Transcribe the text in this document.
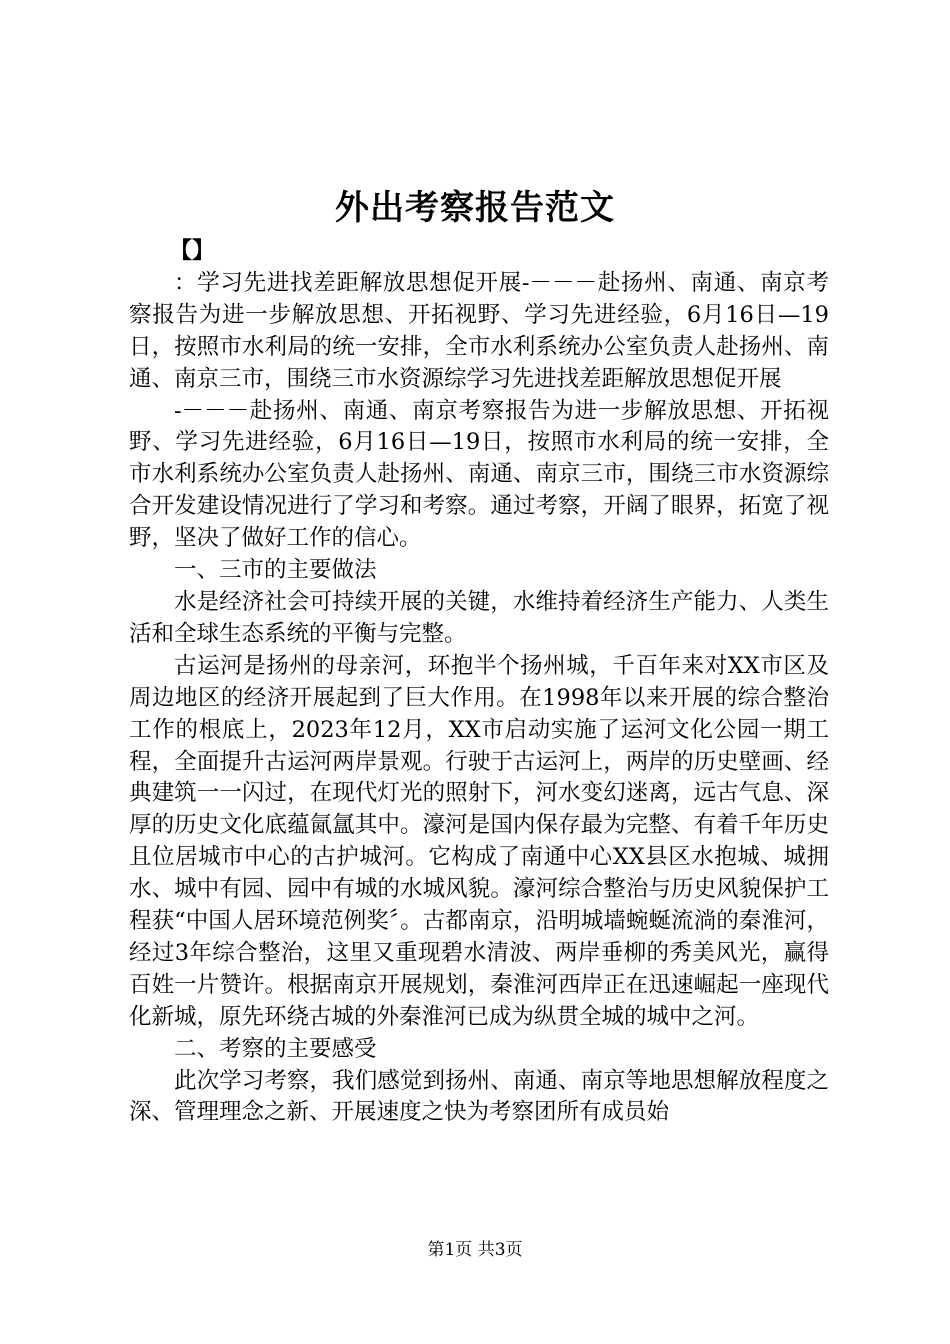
外出考察报告范文

【】

：学习先进找差距解放思想促开展-－－－赴扬州、南通、南京考察报告为进一步解放思想、开拓视野、学习先进经验，6月16日—19日，按照市水利局的统一安排，全市水利系统办公室负责人赴扬州、南通、南京三市，围绕三市水资源综学习先进找差距解放思想促开展

-－－－赴扬州、南通、南京考察报告为进一步解放思想、开拓视野、学习先进经验，6月16日—19日，按照市水利局的统一安排，全市水利系统办公室负责人赴扬州、南通、南京三市，围绕三市水资源综合开发建设情况进行了学习和考察。通过考察，开阔了眼界，拓宽了视野，坚决了做好工作的信心。

一、三市的主要做法

水是经济社会可持续开展的关键，水维持着经济生产能力、人类生活和全球生态系统的平衡与完整。

古运河是扬州的母亲河，环抱半个扬州城，千百年来对XX市区及周边地区的经济开展起到了巨大作用。在1998年以来开展的综合整治工作的根底上，2023年12月，XX市启动实施了运河文化公园一期工程，全面提升古运河两岸景观。行驶于古运河上，两岸的历史壁画、经典建筑一一闪过，在现代灯光的照射下，河水变幻迷离，远古气息、深厚的历史文化底蕴氤氲其中。濠河是国内保存最为完整、有着千年历史且位居城市中心的古护城河。它构成了南通中心XX县区水抱城、城拥水、城中有园、园中有城的水城风貌。濠河综合整治与历史风貌保护工程获“中国人居环境范例奖〞。古都南京，沿明城墙蜿蜒流淌的秦淮河，经过3年综合整治，这里又重现碧水清波、两岸垂柳的秀美风光，赢得百姓一片赞许。根据南京开展规划，秦淮河西岸正在迅速崛起一座现代化新城，原先环绕古城的外秦淮河已成为纵贯全城的城中之河。

二、考察的主要感受

此次学习考察，我们感觉到扬州、南通、南京等地思想解放程度之深、管理理念之新、开展速度之快为考察团所有成员始

第1页 共3页
